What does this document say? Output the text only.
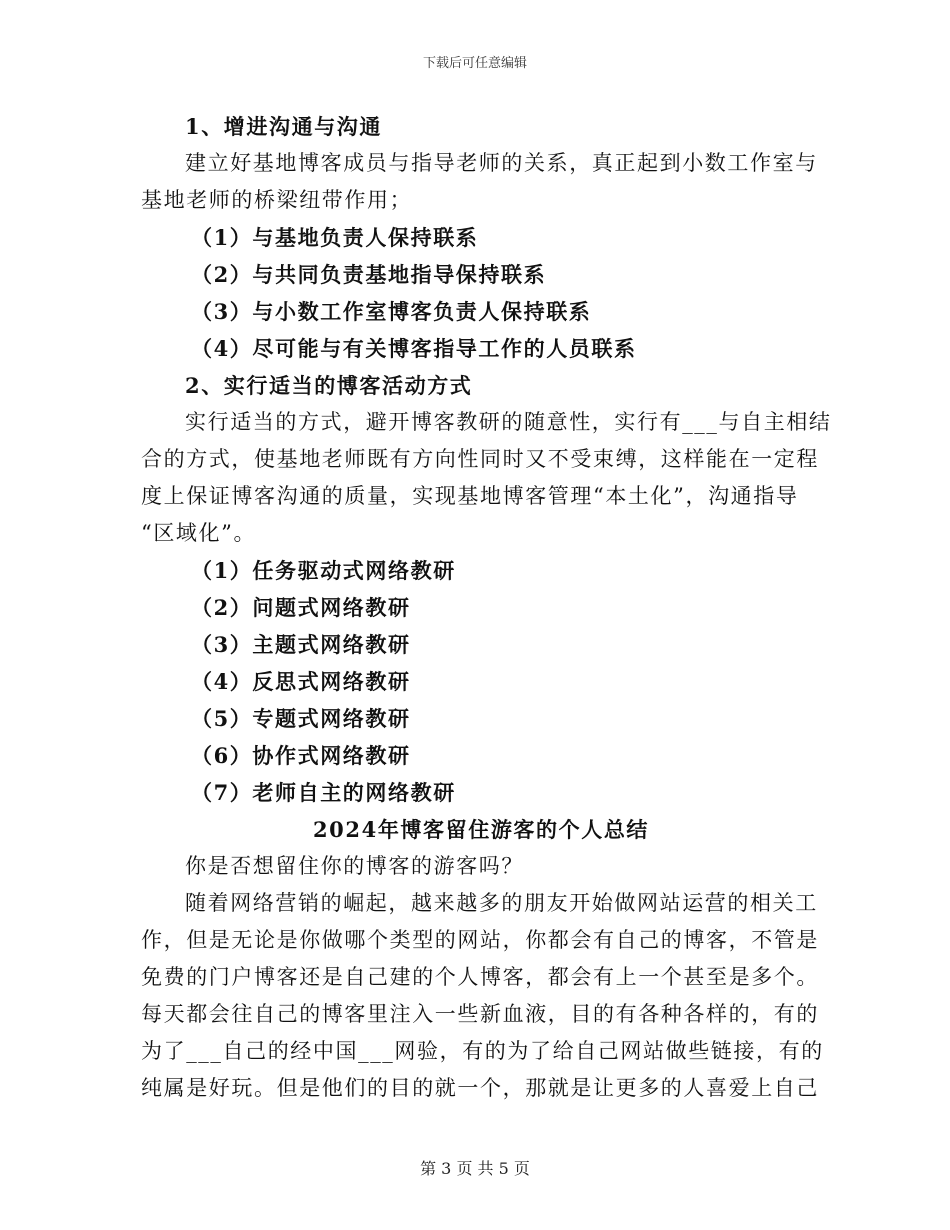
下载后可任意编辑
1、增进沟通与沟通
建立好基地博客成员与指导老师的关系，真正起到小数工作室与
基地老师的桥梁纽带作用；
（1）与基地负责人保持联系
（2）与共同负责基地指导保持联系
（3）与小数工作室博客负责人保持联系
（4）尽可能与有关博客指导工作的人员联系
2、实行适当的博客活动方式
实行适当的方式，避开博客教研的随意性，实行有___与自主相结
合的方式，使基地老师既有方向性同时又不受束缚，这样能在一定程
度上保证博客沟通的质量，实现基地博客管理“本土化”，沟通指导
“区域化”。
（1）任务驱动式网络教研
（2）问题式网络教研
（3）主题式网络教研
（4）反思式网络教研
（5）专题式网络教研
（6）协作式网络教研
（7）老师自主的网络教研
2024年博客留住游客的个人总结
你是否想留住你的博客的游客吗？
随着网络营销的崛起，越来越多的朋友开始做网站运营的相关工
作，但是无论是你做哪个类型的网站，你都会有自己的博客，不管是
免费的门户博客还是自己建的个人博客，都会有上一个甚至是多个。
每天都会往自己的博客里注入一些新血液，目的有各种各样的，有的
为了___自己的经中国___网验，有的为了给自己网站做些链接，有的
纯属是好玩。但是他们的目的就一个，那就是让更多的人喜爱上自己
第 3 页 共 5 页
